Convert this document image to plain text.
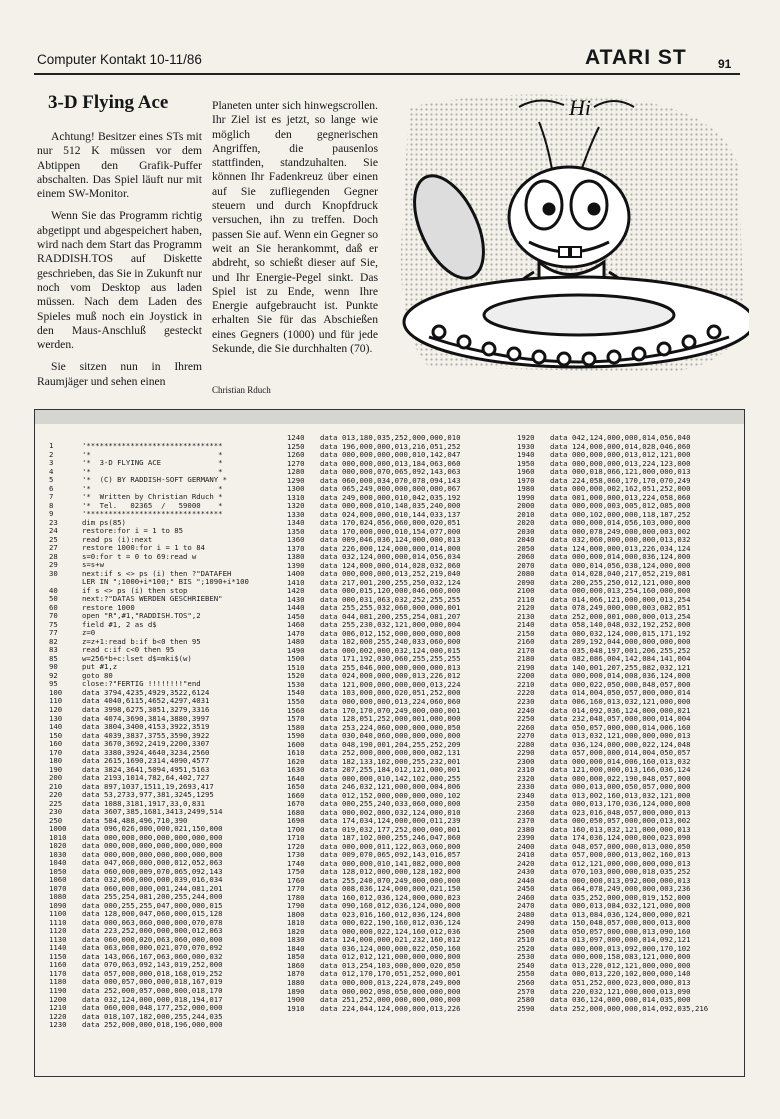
Computer Kontakt 10-11/86	ATARI ST	91
3-D Flying Ace

Achtung! Besitzer eines STs mit nur 512 K müssen vor dem Abtippen den Grafik-Puffer abschalten. Das Spiel läuft nur mit einem SW-Monitor.

Wenn Sie das Programm richtig abgetippt und abgespeichert haben, wird nach dem Start das Programm RADDISH.TOS auf Diskette geschrieben, das Sie in Zukunft nur noch vom Desktop aus laden müssen. Nach dem Laden des Spieles muß noch ein Joystick in den Maus-Anschluß gesteckt werden.

Sie sitzen nun in Ihrem Raumjäger und sehen einen

Planeten unter sich hinwegscrollen. Ihr Ziel ist es jetzt, so lange wie möglich den gegnerischen Angriffen, die pausenlos stattfinden, standzuhalten. Sie können Ihr Fadenkreuz über einen auf Sie zufliegenden Gegner steuern und durch Knopfdruck versuchen, ihn zu treffen. Doch passen Sie auf. Wenn ein Gegner so weit an Sie herankommt, daß er abdreht, so schießt dieser auf Sie, und Ihr Energie-Pegel sinkt. Das Spiel ist zu Ende, wenn Ihre Energie aufgebraucht ist. Punkte erhalten Sie für das Abschießen eines Gegners (1000) und für jede Sekunde, die Sie durchhalten (70).

Christian Rduch
Hi
1	'*******************************
2	'*                             *
3	'*  3-D FLYING ACE             *
4	'*                             *
5	'*  (C) BY RADDISH-SOFT GERMANY *
6	'*                             *
7	'*  Written by Christian Rduch *
8	'*  Tel.   02365  /   59000    *
9	'*******************************
23	dim ps(85)
24	restore:for i = 1 to 85
25	read ps (i):next
27	restore 1000:for i = 1 to 84
28	s=0:for t = 0 to 69:read w
29	s=s+w
30	next:if s <> ps (i) then ?"DATAFEH
LER IN ";1000+i*100;" BIS ";1090+i*100
40	if s <> ps (i) then stop
50	next:?"DATAS WERDEN GESCHRIEBEN"
60	restore 1000
70	open "R",#1,"RADDISH.TOS",2
75	field #1, 2 as d$
77	z=0
82	z=z+1:read b:if b<0 then 95
83	read c:if c<0 then 95
85	w=256*b+c:lset d$=mki$(w)
90	put #1,z
92	goto 80
95	close:?"FERTIG !!!!!!!!"end
100	data 3794,4235,4929,3522,6124
110	data 4040,6115,4652,4297,4031
120	data 3998,6275,3051,3279,3316
130	data 4074,3690,3814,3880,3997
140	data 3804,3400,4153,3922,3519
150	data 4039,3837,3755,3590,3922
160	data 3670,3692,2419,2200,3307
170	data 3380,3924,4640,3234,2560
180	data 2615,1690,2314,4090,4577
190	data 3824,3641,5094,4951,5163
200	data 2193,1014,782,64,402,727
210	data 897,1037,1511,19,2693,417
220	data 53,2733,977,381,3245,1295
225	data 1088,3181,1917,33,0,831
230	data 3607,385,1681,3413,2499,514
250	data 584,488,496,710,390
1000 data 096,026,000,000,021,150,000
1010 data 000,000,000,000,000,000,000
1020 data 000,000,000,000,000,000,000
1030 data 000,000,000,000,000,000,000
1040 data 047,060,000,000,012,052,063
1050 data 060,000,009,070,065,092,143
1060 data 032,060,000,000,039,016,034
1070 data 060,000,000,001,244,081,201
1080 data 255,254,081,200,255,244,000
1090 data 000,255,255,047,000,000,015
1100 data 128,000,047,060,000,015,128
1110 data 000,063,060,000,000,070,078
1120 data 223,252,000,000,000,012,063
1130 data 060,000,020,063,060,000,000
1140 data 063,060,000,021,070,070,092
1150 data 143,066,167,063,060,000,032
1160 data 070,063,092,143,019,252,000
1170 data 057,000,000,018,168,019,252
1180 data 000,057,000,000,018,167,019
1190 data 252,000,057,000,000,018,170
1200 data 032,124,000,000,018,194,017
1210 data 060,000,048,177,252,000,000
1220 data 018,107,182,000,255,244,035
1230 data 252,000,000,018,196,000,000
1240 data 013,180,035,252,000,000,010
1250 data 196,000,000,013,216,051,252
1260 data 000,000,000,000,010,142,047
1270 data 000,000,000,013,184,063,060
1280 data 000,000,070,065,092,143,063
1290 data 060,000,034,070,078,094,143
1300 data 065,249,000,000,000,000,067
1310 data 249,000,000,010,042,035,192
1320 data 000,000,010,148,035,240,000
1330 data 024,000,000,010,144,033,137
1340 data 170,024,056,060,000,020,051
1350 data 170,000,000,010,154,077,000
1360 data 009,046,036,124,000,000,013
1370 data 226,000,124,000,000,014,000
1380 data 032,124,000,000,014,056,034
1390 data 124,000,000,014,028,032,060
1400 data 000,000,000,013,252,219,040
1410 data 217,001,200,255,250,032,124
1420 data 000,015,120,000,046,060,000
1430 data 000,031,063,032,252,255,255
1440 data 255,255,032,060,000,000,001
1450 data 044,081,200,255,254,081,207
1460 data 255,230,032,121,000,000,004
1470 data 006,012,152,000,000,000,000
1480 data 102,000,255,240,033,060,000
1490 data 000,002,000,032,124,000,015
1500 data 171,192,030,060,255,255,255
1510 data 255,046,000,000,000,000,013
1520 data 024,000,000,000,013,226,012
1530 data 121,000,000,000,000,013,224
1540 data 103,000,000,020,051,252,000
1550 data 000,000,000,013,224,060,060
1560 data 170,170,070,249,000,000,001
1570 data 128,051,252,000,001,000,000
1580 data 253,224,060,000,000,000,050
1590 data 030,040,060,000,000,000,000
1600 data 048,190,001,204,255,252,209
1610 data 252,000,000,000,000,082,131
1620 data 182,133,102,000,255,232,001
1630 data 207,255,184,012,121,000,001
1640 data 000,000,010,142,102,000,255
1650 data 246,032,121,000,000,004,006
1660 data 012,152,000,000,000,000,102
1670 data 000,255,240,033,060,000,000
1680 data 000,002,000,032,124,000,010
1690 data 174,034,124,000,000,011,239
1700 data 019,032,177,252,000,000,001
1710 data 187,102,000,255,246,047,060
1720 data 000,000,011,122,063,060,000
1730 data 009,070,065,092,143,016,057
1740 data 000,000,010,141,082,000,000
1750 data 128,012,000,000,128,102,000
1760 data 255,240,070,249,000,000,000
1770 data 008,036,124,000,000,021,150
1780 data 160,012,036,124,000,000,023
1790 data 090,160,012,036,124,000,000
1800 data 023,016,160,012,036,124,000
1810 data 000,022,190,160,012,036,124
1820 data 000,000,022,124,160,012,036
1830 data 124,000,000,021,232,160,012
1840 data 036,124,000,000,022,050,160
1850 data 012,012,121,000,000,000,000
1860 data 013,254,103,000,000,020,050
1870 data 012,170,170,051,252,000,001
1880 data 000,000,013,224,078,249,000
1890 data 000,002,098,050,000,000,000
1900 data 251,252,000,000,000,000,000
1910 data 224,044,124,000,000,013,226
1920 data 042,124,000,000,014,056,040
1930 data 124,000,000,014,028,046,060
1940 data 000,000,000,013,012,121,000
1950 data 000,000,000,013,224,123,000
1960 data 000,018,066,121,000,000,013
1970 data 224,058,060,170,170,070,249
1980 data 000,000,002,162,051,252,000
1990 data 001,000,000,013,224,058,060
2000 data 000,000,003,005,012,085,000
2010 data 000,102,000,000,118,187,252
2020 data 000,000,014,056,103,000,000
2030 data 000,078,249,000,000,003,002
2040 data 032,060,000,000,000,013,032
2050 data 124,000,000,013,226,034,124
2060 data 000,000,014,000,036,124,000
2070 data 000,014,056,038,124,000,000
2080 data 014,028,040,217,052,219,081
2090 data 200,255,250,012,121,000,000
2100 data 000,000,013,254,160,000,000
2110 data 014,066,121,000,000,013,254
2120 data 078,249,000,000,003,082,051
2130 data 252,000,001,000,000,013,254
2140 data 058,140,048,032,192,252,000
2150 data 000,032,124,000,015,171,192
2160 data 209,192,044,000,000,000,000
2170 data 035,048,197,001,206,255,252
2180 data 082,086,004,142,084,141,004
2190 data 140,001,207,255,082,032,121
2200 data 000,000,014,008,036,124,000
2210 data 000,022,050,000,048,057,000
2220 data 014,004,050,057,000,000,014
2230 data 006,160,013,032,121,000,000
2240 data 014,092,036,124,000,000,021
2250 data 232,048,057,000,000,014,004
2260 data 050,057,000,000,014,006,160
2270 data 013,032,121,000,000,000,013
2280 data 036,124,000,000,022,124,048
2290 data 057,000,000,014,004,050,057
2300 data 000,000,014,006,160,013,032
2310 data 121,000,000,013,166,036,124
2320 data 000,000,022,190,048,057,000
2330 data 000,013,000,050,057,000,000
2340 data 013,002,160,013,032,121,000
2350 data 000,013,170,036,124,000,000
2360 data 023,016,048,057,000,000,013
2370 data 000,050,057,000,000,013,002
2380 data 160,013,032,121,000,000,013
2390 data 174,036,124,000,000,023,090
2400 data 048,057,000,000,013,000,050
2410 data 057,000,000,013,002,160,013
2420 data 012,121,000,000,000,000,013
2430 data 070,103,000,000,018,035,252
2440 data 000,000,013,092,000,000,013
2450 data 064,078,249,000,000,003,236
2460 data 035,252,000,000,019,152,000
2470 data 000,013,084,032,121,000,000
2480 data 013,084,036,124,000,000,021
2490 data 150,048,057,000,000,013,000
2500 data 050,057,000,000,013,090,160
2510 data 013,097,000,000,014,092,121
2520 data 000,000,013,092,000,170,102
2530 data 000,000,158,083,121,000,000
2540 data 013,220,012,121,000,000,000
2550 data 000,013,220,102,000,000,140
2560 data 051,252,000,023,000,000,013
2570 data 220,032,121,000,000,013,090
2580 data 036,124,000,000,014,035,000
2590 data 252,000,000,000,014,092,035,216
